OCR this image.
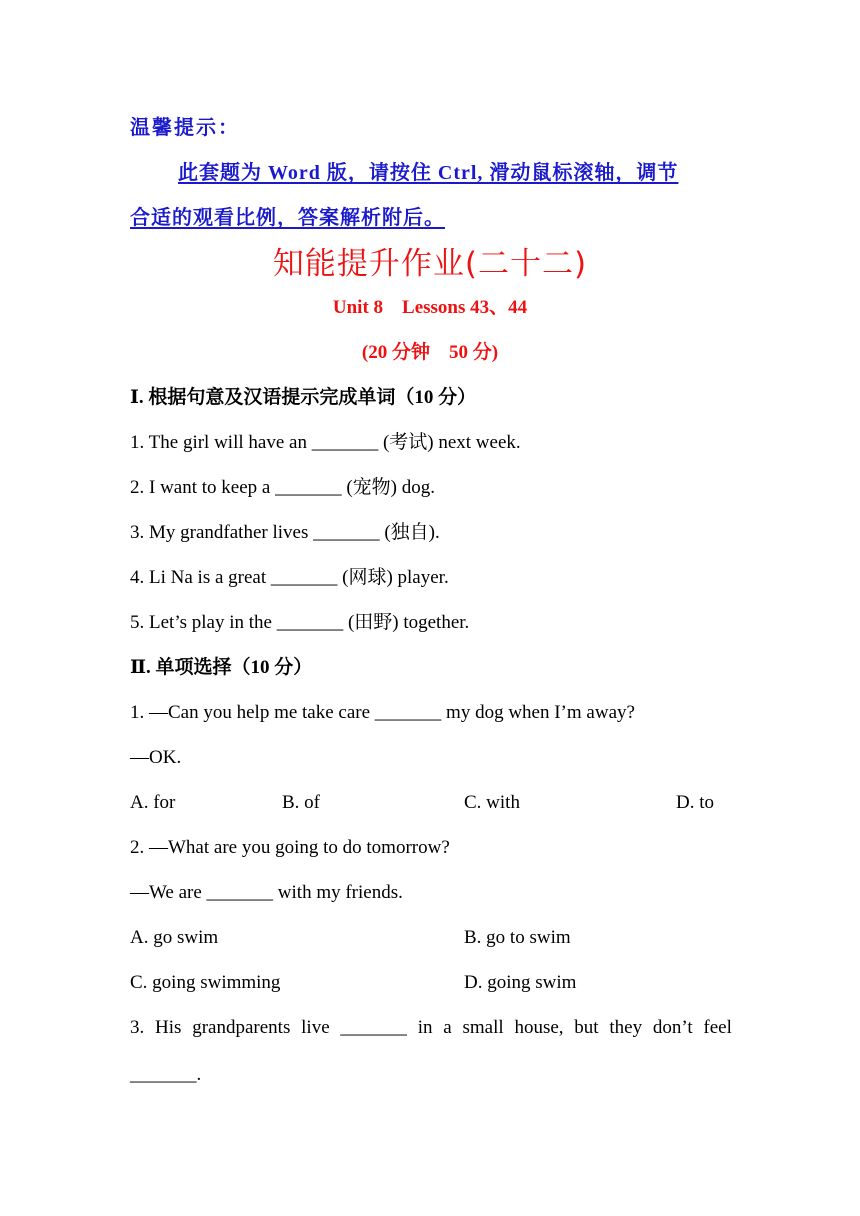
温馨提示：
此套题为 Word 版，请按住 Ctrl, 滑动鼠标滚轴，调节
合适的观看比例，答案解析附后。
知能提升作业(二十二)
Unit 8    Lessons 43、44
(20 分钟    50 分)
Ⅰ. 根据句意及汉语提示完成单词（10 分）
1. The girl will have an _______ (考试) next week.
2. I want to keep a _______ (宠物) dog.
3. My grandfather lives _______ (独自).
4. Li Na is a great _______ (网球) player.
5. Let’s play in the _______ (田野) together.
Ⅱ. 单项选择（10 分）
1. —Can you help me take care _______ my dog when I’m away?
—OK.
A. for	B. of	C. with	D. to
2. —What are you going to do tomorrow?
—We are _______ with my friends.
A. go swim	B. go to swim
C. going swimming	D. going swim
3. His grandparents live _______ in a small house, but they don’t feel
_______.
